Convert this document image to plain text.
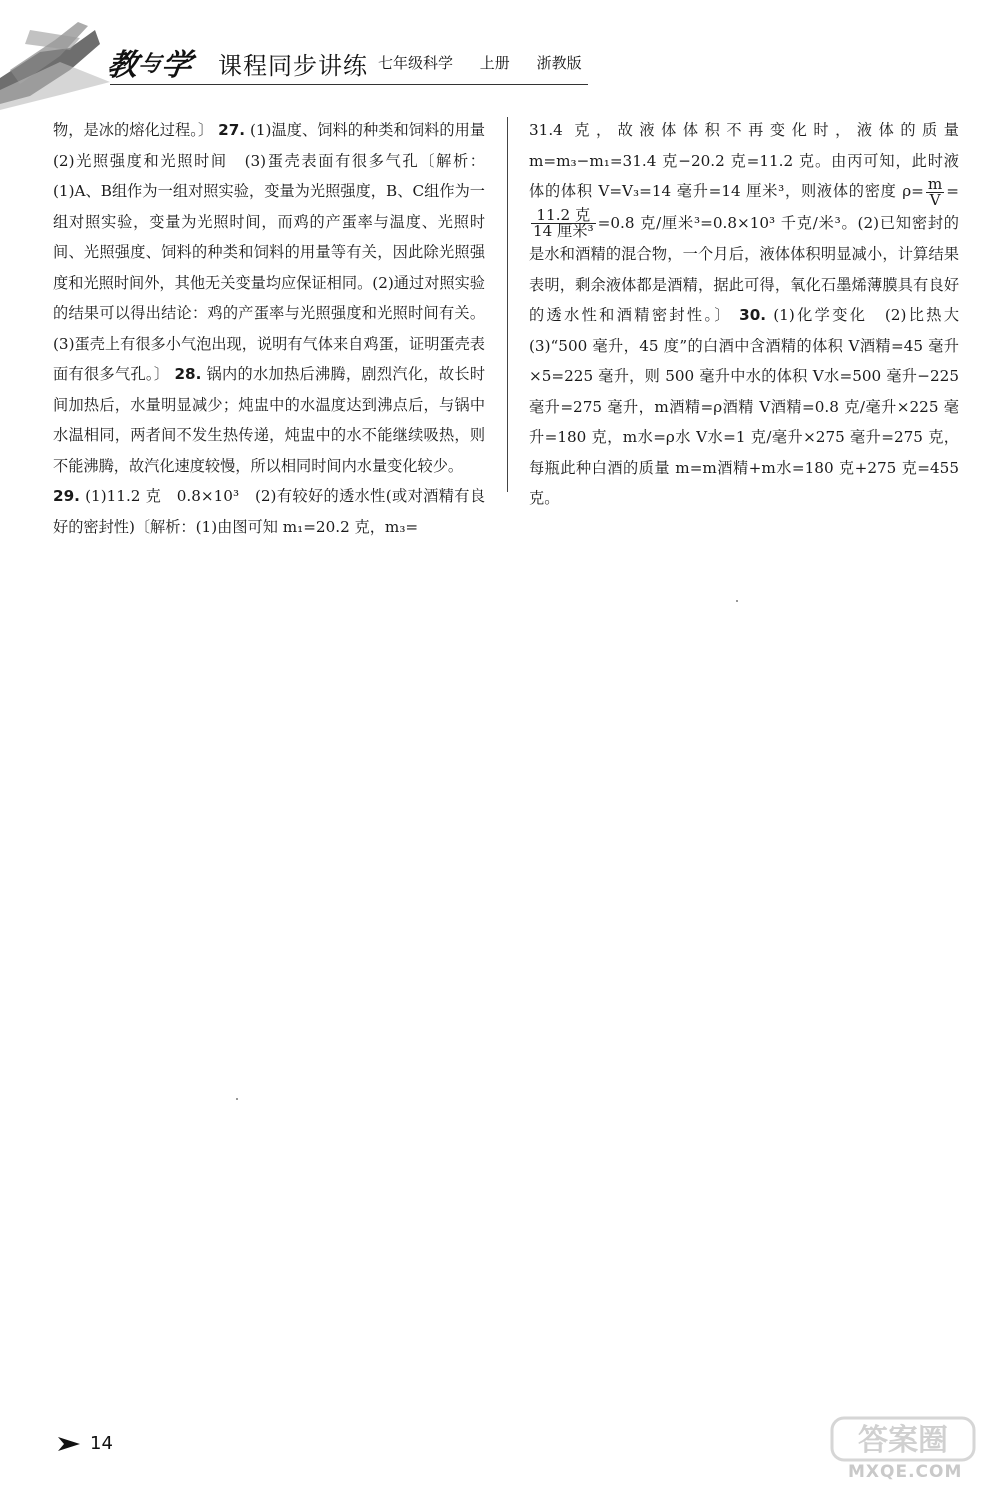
教
与
学 课程同步讲练 七年级科学 上册 浙教版
物，是冰的熔化过程。〕 27. (1)温度、饲料的种类和饲料的用量　(2)光照强度和光照时间　(3)蛋壳表面有很多气孔〔解析：(1)A、B组作为一组对照实验，变量为光照强度，B、C组作为一组对照实验，变量为光照时间，而鸡的产蛋率与温度、光照时间、光照强度、饲料的种类和饲料的用量等有关，因此除光照强度和光照时间外，其他无关变量均应保证相同。(2)通过对照实验的结果可以得出结论：鸡的产蛋率与光照强度和光照时间有关。(3)蛋壳上有很多小气泡出现，说明有气体来自鸡蛋，证明蛋壳表面有很多气孔。〕 28. 锅内的水加热后沸腾，剧烈汽化，故长时间加热后，水量明显减少；炖盅中的水温度达到沸点后，与锅中水温相同，两者间不发生热传递，炖盅中的水不能继续吸热，则不能沸腾，故汽化速度较慢，所以相同时间内水量变化较少。
29. (1)11.2 克　0.8×10³　(2)有较好的透水性(或对酒精有良好的密封性)〔解析：(1)由图可知 m₁=20.2 克，m₃=
31.4 克，故液体体积不再变化时，液体的质量 m=m₃−m₁=31.4 克−20.2 克=11.2 克。由丙可知，此时液体的体积 V=V₃=14 毫升=14 厘米³，则液体的密度 $\rho= \frac{m}{V}$ =
$\frac{\text{11.2 克}}{\text{14 厘米³}} =0.8$ 克/厘米³=0.8×10³ 千克/米³。(2)已知密封的是水和酒精的混合物，一个月后，液体体积明显减小，计算结果表明，剩余液体都是酒精，据此可得，氧化石墨烯薄膜具有良好的透水性和酒精密封性。〕 30. (1)化学变化　(2)比热大　(3)“500 毫升，45 度”的白酒中含酒精的体积 V酒精=45 毫升×5=225 毫升，则 500 毫升中水的体积 V水=500 毫升−225 毫升=275 毫升，m酒精=ρ酒精 V酒精=0.8 克/毫升×225 毫升=180 克，m水=ρ水 V水=1 克/毫升×275 毫升=275 克，每瓶此种白酒的质量 m=m酒精+m水=180 克+275 克=455 克。
14	答案圈
MXQE.COM
